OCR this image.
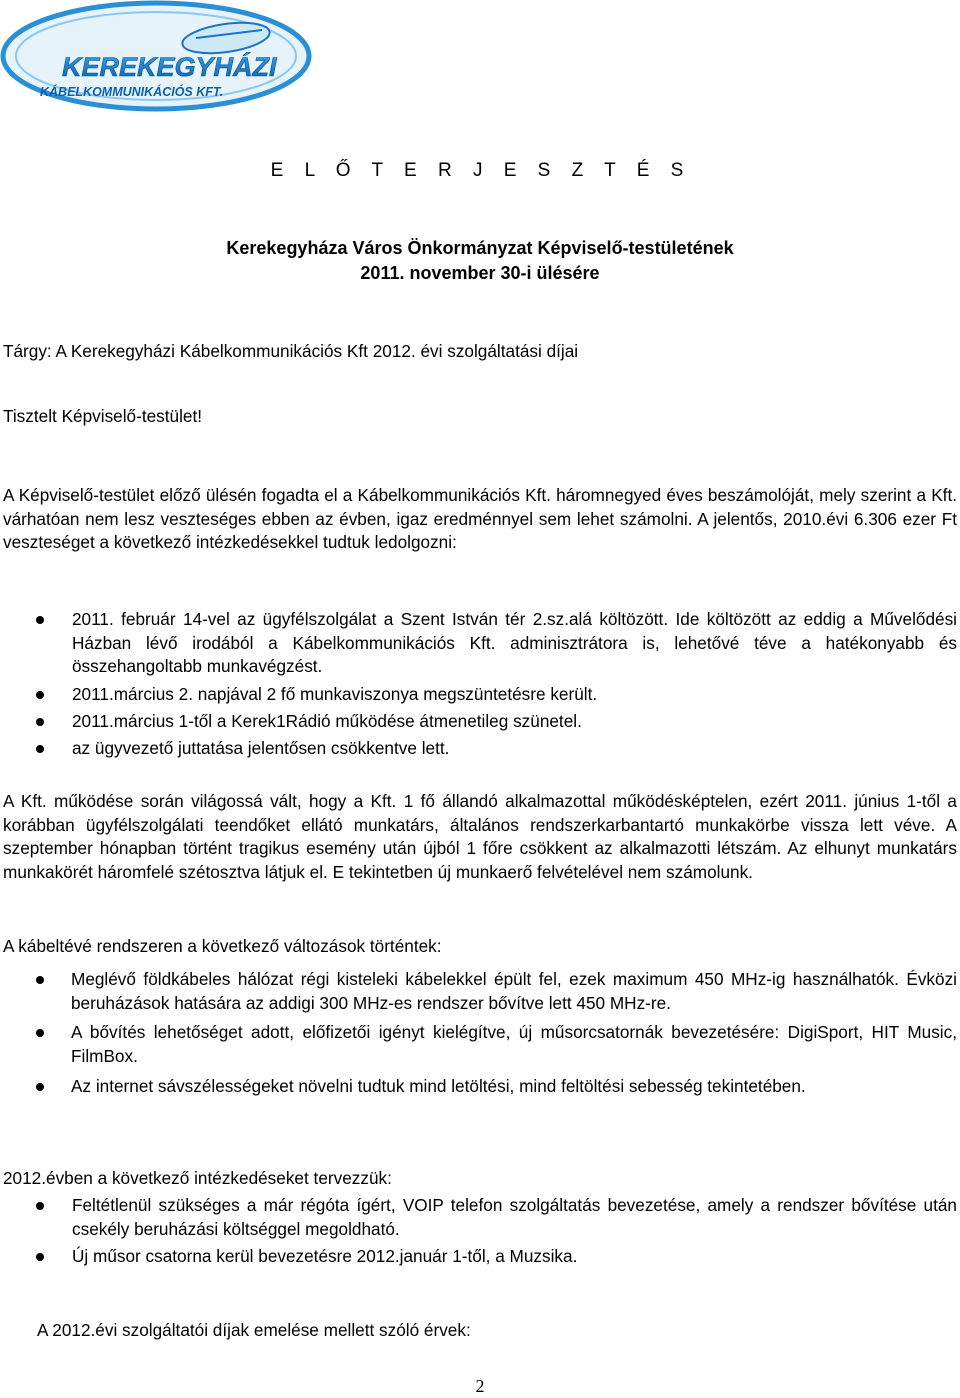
KEREKEGYHÁZI
KÁBELKOMMUNIKÁCIÓS KFT.
E L Ő T E R J E S Z T É S
Kerekegyháza Város Önkormányzat Képviselő-testületének
2011. november 30-i ülésére
Tárgy: A Kerekegyházi Kábelkommunikációs Kft 2012. évi szolgáltatási díjai
Tisztelt Képviselő-testület!
A Képviselő-testület előző ülésén fogadta el a Kábelkommunikációs Kft. háromnegyed éves beszámolóját, mely szerint a Kft. várhatóan nem lesz veszteséges ebben az évben, igaz eredménnyel sem lehet számolni. A jelentős, 2010.évi 6.306 ezer Ft veszteséget a következő intézkedésekkel tudtuk ledolgozni:
2011. február 14-vel az ügyfélszolgálat a Szent István tér 2.sz.alá költözött. Ide költözött az eddig a Művelődési Házban lévő irodából a Kábelkommunikációs Kft. adminisztrátora is, lehetővé téve a hatékonyabb és összehangoltabb munkavégzést.
2011.március 2. napjával 2 fő munkaviszonya megszüntetésre került.
2011.március 1-től a Kerek1Rádió működése átmenetileg szünetel.
az ügyvezető juttatása jelentősen csökkentve lett.
A Kft. működése során világossá vált, hogy a Kft. 1 fő állandó alkalmazottal működésképtelen, ezért 2011. június 1-től a korábban ügyfélszolgálati teendőket ellátó munkatárs, általános rendszerkarbantartó munkakörbe vissza lett véve. A szeptember hónapban történt tragikus esemény után újból 1 főre csökkent az alkalmazotti létszám. Az elhunyt munkatárs munkakörét háromfelé szétosztva látjuk el. E tekintetben új munkaerő felvételével nem számolunk.
A kábeltévé rendszeren a következő változások történtek:
Meglévő földkábeles hálózat régi kisteleki kábelekkel épült fel, ezek maximum 450 MHz-ig használhatók. Évközi beruházások hatására az addigi 300 MHz-es rendszer bővítve lett 450 MHz-re.
A bővítés lehetőséget adott, előfizetői igényt kielégítve, új műsorcsatornák bevezetésére: DigiSport, HIT Music, FilmBox.
Az internet sávszélességeket növelni tudtuk mind letöltési, mind feltöltési sebesség tekintetében.
2012.évben a következő intézkedéseket tervezzük:
Feltétlenül szükséges a már régóta ígért, VOIP telefon szolgáltatás bevezetése, amely a rendszer bővítése után csekély beruházási költséggel megoldható.
Új műsor csatorna kerül bevezetésre 2012.január 1-től, a Muzsika.
A 2012.évi szolgáltatói díjak emelése mellett szóló érvek:
2
